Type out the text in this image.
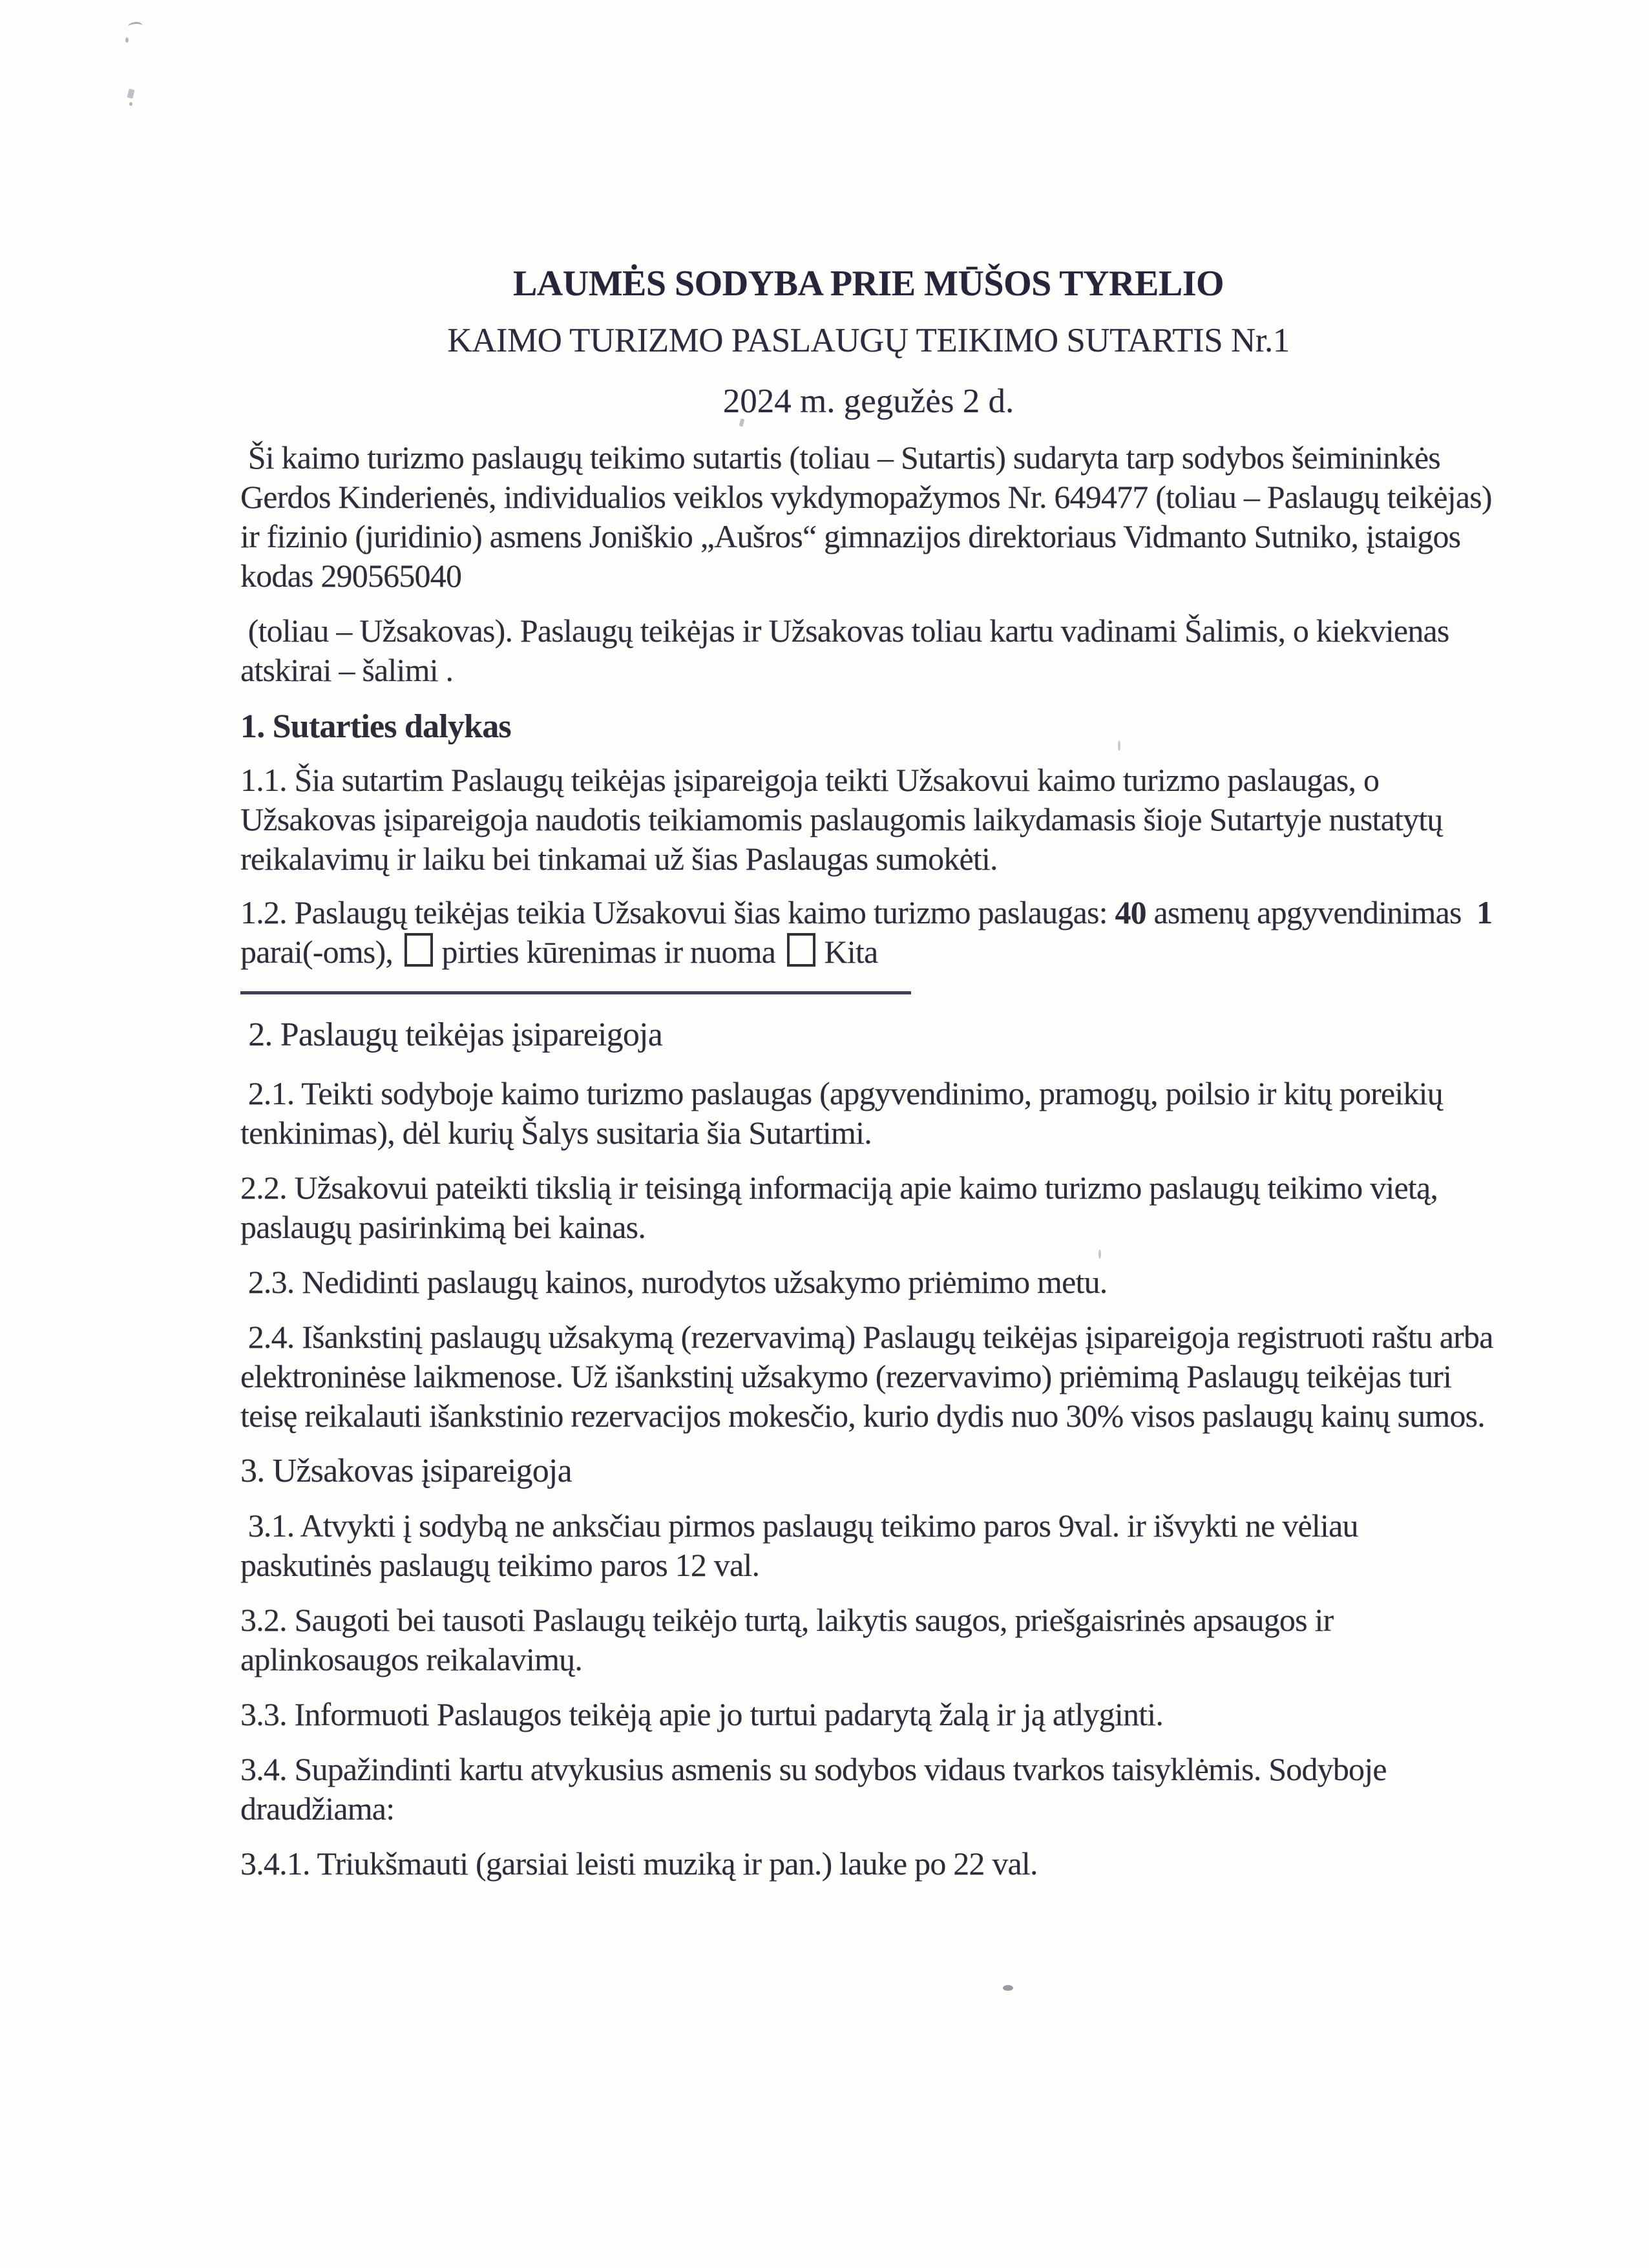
LAUMĖS SODYBA PRIE MŪŠOS TYRELIO
KAIMO TURIZMO PASLAUGŲ TEIKIMO SUTARTIS Nr.1
2024 m. gegužės 2 d.

Ši kaimo turizmo paslaugų teikimo sutartis (toliau – Sutartis) sudaryta tarp sodybos šeimininkės Gerdos Kinderienės, individualios veiklos vykdymopažymos Nr. 649477 (toliau – Paslaugų teikėjas) ir fizinio (juridinio) asmens Joniškio „Aušros“ gimnazijos direktoriaus Vidmanto Sutniko, įstaigos kodas 290565040

(toliau – Užsakovas). Paslaugų teikėjas ir Užsakovas toliau kartu vadinami Šalimis, o kiekvienas atskirai – šalimi .

1. Sutarties dalykas

1.1. Šia sutartim Paslaugų teikėjas įsipareigoja teikti Užsakovui kaimo turizmo paslaugas, o Užsakovas įsipareigoja naudotis teikiamomis paslaugomis laikydamasis šioje Sutartyje nustatytų reikalavimų ir laiku bei tinkamai už šias Paslaugas sumokėti.

1.2. Paslaugų teikėjas teikia Užsakovui šias kaimo turizmo paslaugas: 40 asmenų apgyvendinimas  1 parai(-oms),  pirties kūrenimas ir nuoma  Kita

2. Paslaugų teikėjas įsipareigoja

2.1. Teikti sodyboje kaimo turizmo paslaugas (apgyvendinimo, pramogų, poilsio ir kitų poreikių tenkinimas), dėl kurių Šalys susitaria šia Sutartimi.

2.2. Užsakovui pateikti tikslią ir teisingą informaciją apie kaimo turizmo paslaugų teikimo vietą, paslaugų pasirinkimą bei kainas.

2.3. Nedidinti paslaugų kainos, nurodytos užsakymo priėmimo metu.

2.4. Išankstinį paslaugų užsakymą (rezervavimą) Paslaugų teikėjas įsipareigoja registruoti raštu arba elektroninėse laikmenose. Už išankstinį užsakymo (rezervavimo) priėmimą Paslaugų teikėjas turi teisę reikalauti išankstinio rezervacijos mokesčio, kurio dydis nuo 30% visos paslaugų kainų sumos.

3. Užsakovas įsipareigoja

3.1. Atvykti į sodybą ne anksčiau pirmos paslaugų teikimo paros 9val. ir išvykti ne vėliau paskutinės paslaugų teikimo paros 12 val.

3.2. Saugoti bei tausoti Paslaugų teikėjo turtą, laikytis saugos, priešgaisrinės apsaugos ir aplinkosaugos reikalavimų.

3.3. Informuoti Paslaugos teikėją apie jo turtui padarytą žalą ir ją atlyginti.

3.4. Supažindinti kartu atvykusius asmenis su sodybos vidaus tvarkos taisyklėmis. Sodyboje draudžiama:

3.4.1. Triukšmauti (garsiai leisti muziką ir pan.) lauke po 22 val.
